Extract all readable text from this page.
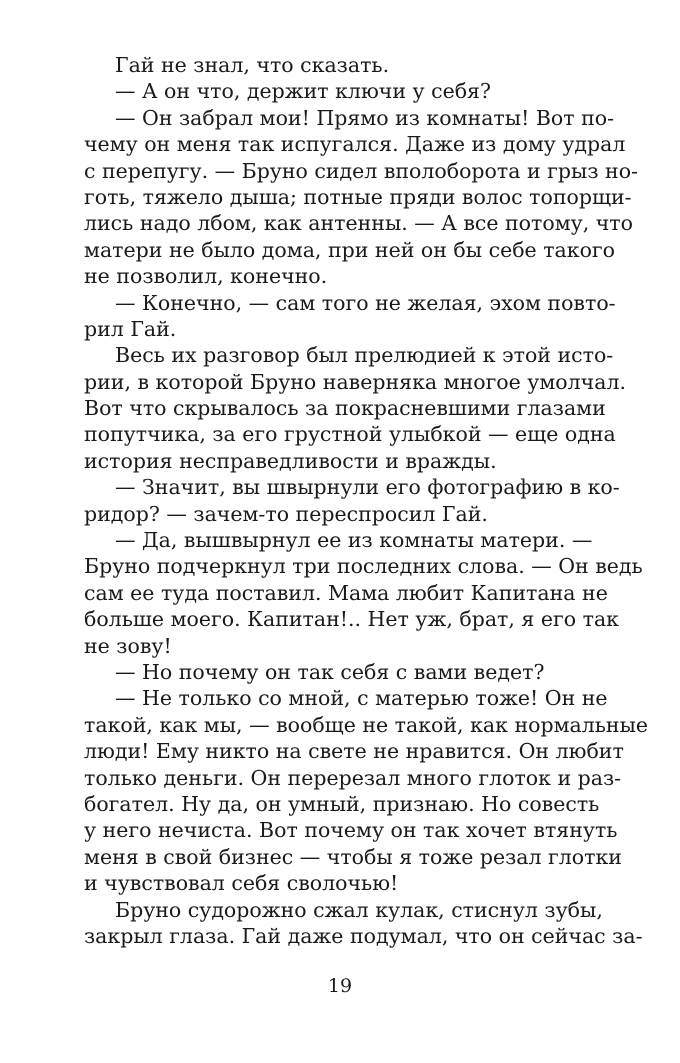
Гай не знал, что сказать.
— А он что, держит ключи у себя?
— Он забрал мои! Прямо из комнаты! Вот по-
чему он меня так испугался. Даже из дому удрал
с перепугу. — Бруно сидел вполоборота и грыз но-
готь, тяжело дыша; потные пряди волос топорщи-
лись надо лбом, как антенны. — А все потому, что
матери не было дома, при ней он бы себе такого
не позволил, конечно.
— Конечно, — сам того не желая, эхом повто-
рил Гай.
Весь их разговор был прелюдией к этой исто-
рии, в которой Бруно наверняка многое умолчал.
Вот что скрывалось за покрасневшими глазами
попутчика, за его грустной улыбкой — еще одна
история несправедливости и вражды.
— Значит, вы швырнули его фотографию в ко-
ридор? — зачем-то переспросил Гай.
— Да, вышвырнул ее из комнаты матери. —
Бруно подчеркнул три последних слова. — Он ведь
сам ее туда поставил. Мама любит Капитана не
больше моего. Капитан!.. Нет уж, брат, я его так
не зову!
— Но почему он так себя с вами ведет?
— Не только со мной, с матерью тоже! Он не
такой, как мы, — вообще не такой, как нормальные
люди! Ему никто на свете не нравится. Он любит
только деньги. Он перерезал много глоток и раз-
богател. Ну да, он умный, признаю. Но совесть
у него нечиста. Вот почему он так хочет втянуть
меня в свой бизнес — чтобы я тоже резал глотки
и чувствовал себя сволочью!
Бруно судорожно сжал кулак, стиснул зубы,
закрыл глаза. Гай даже подумал, что он сейчас за-
19
